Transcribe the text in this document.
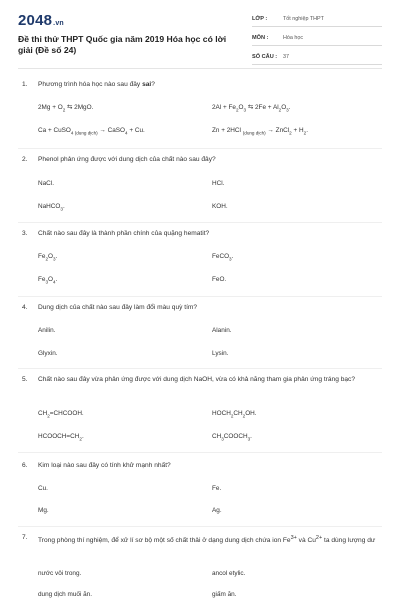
2048.vn
Đề thi thử THPT Quốc gia năm 2019 Hóa học có lời giải (Đề số 24)
LỚP :	Tốt nghiệp THPT
MÔN :	Hóa học
SỐ CÂU :	37
1.	Phương trình hóa học nào sau đây sai?
$2Mg + O_2$ ⇆ 2MgO.	$2Al + Fe_2O_3$ ⇆ $2Fe + Al_2O_3$.
Ca + CuSO$_{4 (dung dịch)}$ → CaSO$_4$ + Cu.	Zn + 2HCl $_{(dung dịch)}$ → ZnCl$_2$ + $H_2$.
2.	Phenol phản ứng được với dung dịch của chất nào sau đây?
NaCl.	HCl.
NaHCO$_3$.	KOH.
3.	Chất nào sau đây là thành phần chính của quặng hematit?
$Fe_2O_3$.	FeCO$_3$.
$Fe_3O_4$.	FeO.
4.	Dung dịch của chất nào sau đây làm đổi màu quỳ tím?
Anilin.	Alanin.
Glyxin.	Lysin.
5.	Chất nào sau đây vừa phản ứng được với dung dịch NaOH, vừa có khả năng tham gia phản ứng tráng bạc?
$CH_2=CHCOOH$.	$HOCH_2CH_2OH$.
$HCOOCH=CH_2$.	$CH_3COOCH_3$.
6.	Kim loại nào sau đây có tính khử mạnh nhất?
Cu.	Fe.
Mg.	Ag.
7.	Trong phòng thí nghiệm, để xử lí sơ bộ một số chất thải ở dạng dung dịch chứa ion $Fe^{3+}$ và $Cu^{2+}$ ta dùng lượng dư
nước vôi trong.	ancol etylic.
dung dịch muối ăn.	giấm ăn.
